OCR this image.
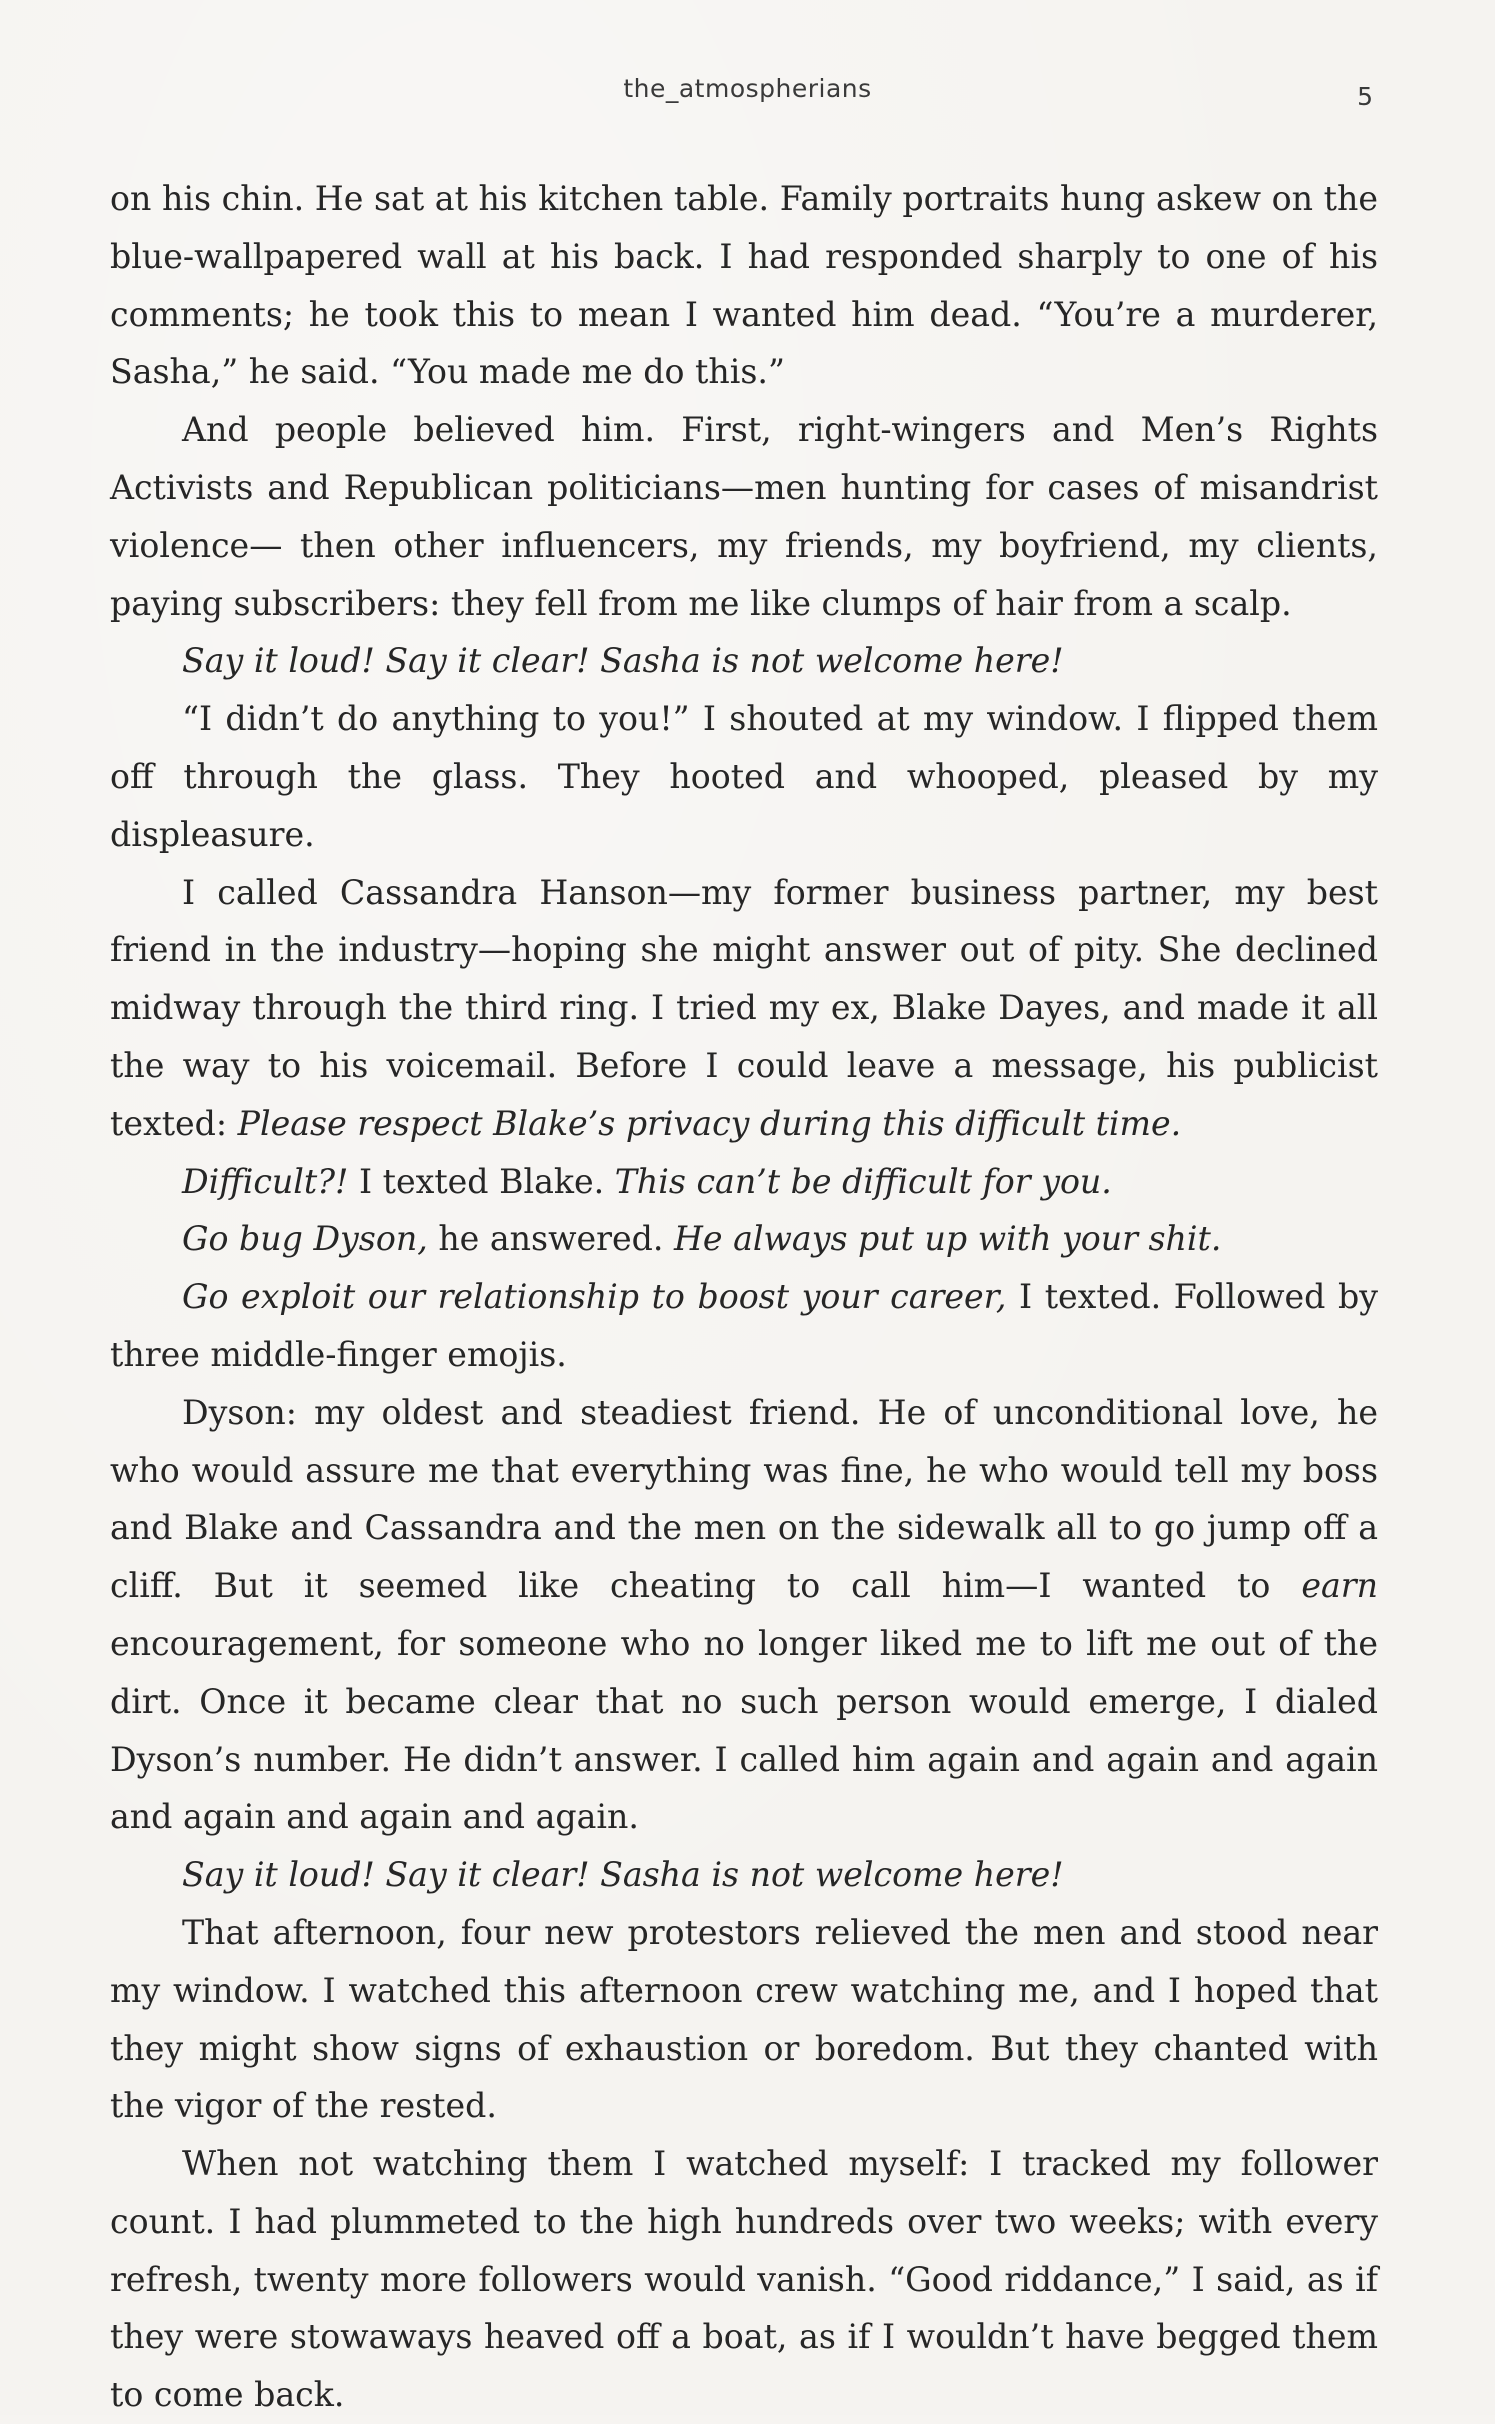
the_atmospherians	5

on his chin. He sat at his kitchen table. Family portraits hung askew on the blue-wallpapered wall at his back. I had responded sharply to one of his comments; he took this to mean I wanted him dead. “You’re a murderer, Sasha,” he said. “You made me do this.”

And people believed him. First, right-wingers and Men’s Rights Activists and Republican politicians—men hunting for cases of misandrist violence— then other influencers, my friends, my boyfriend, my clients, paying subscribers: they fell from me like clumps of hair from a scalp.

Say it loud! Say it clear! Sasha is not welcome here!

“I didn’t do anything to you!” I shouted at my window. I flipped them off through the glass. They hooted and whooped, pleased by my displeasure.

I called Cassandra Hanson—my former business partner, my best friend in the industry—hoping she might answer out of pity. She declined midway through the third ring. I tried my ex, Blake Dayes, and made it all the way to his voicemail. Before I could leave a message, his publicist texted: Please respect Blake’s privacy during this difficult time.

Difficult?! I texted Blake. This can’t be difficult for you.

Go bug Dyson, he answered. He always put up with your shit.

Go exploit our relationship to boost your career, I texted. Followed by three middle-finger emojis.

Dyson: my oldest and steadiest friend. He of unconditional love, he who would assure me that everything was fine, he who would tell my boss and Blake and Cassandra and the men on the sidewalk all to go jump off a cliff. But it seemed like cheating to call him—I wanted to earn encouragement, for someone who no longer liked me to lift me out of the dirt. Once it became clear that no such person would emerge, I dialed Dyson’s number. He didn’t answer. I called him again and again and again and again and again and again.

Say it loud! Say it clear! Sasha is not welcome here!

That afternoon, four new protestors relieved the men and stood near my window. I watched this afternoon crew watching me, and I hoped that they might show signs of exhaustion or boredom. But they chanted with the vigor of the rested.

When not watching them I watched myself: I tracked my follower count. I had plummeted to the high hundreds over two weeks; with every refresh, twenty more followers would vanish. “Good riddance,” I said, as if they were stowaways heaved off a boat, as if I wouldn’t have begged them to come back.
